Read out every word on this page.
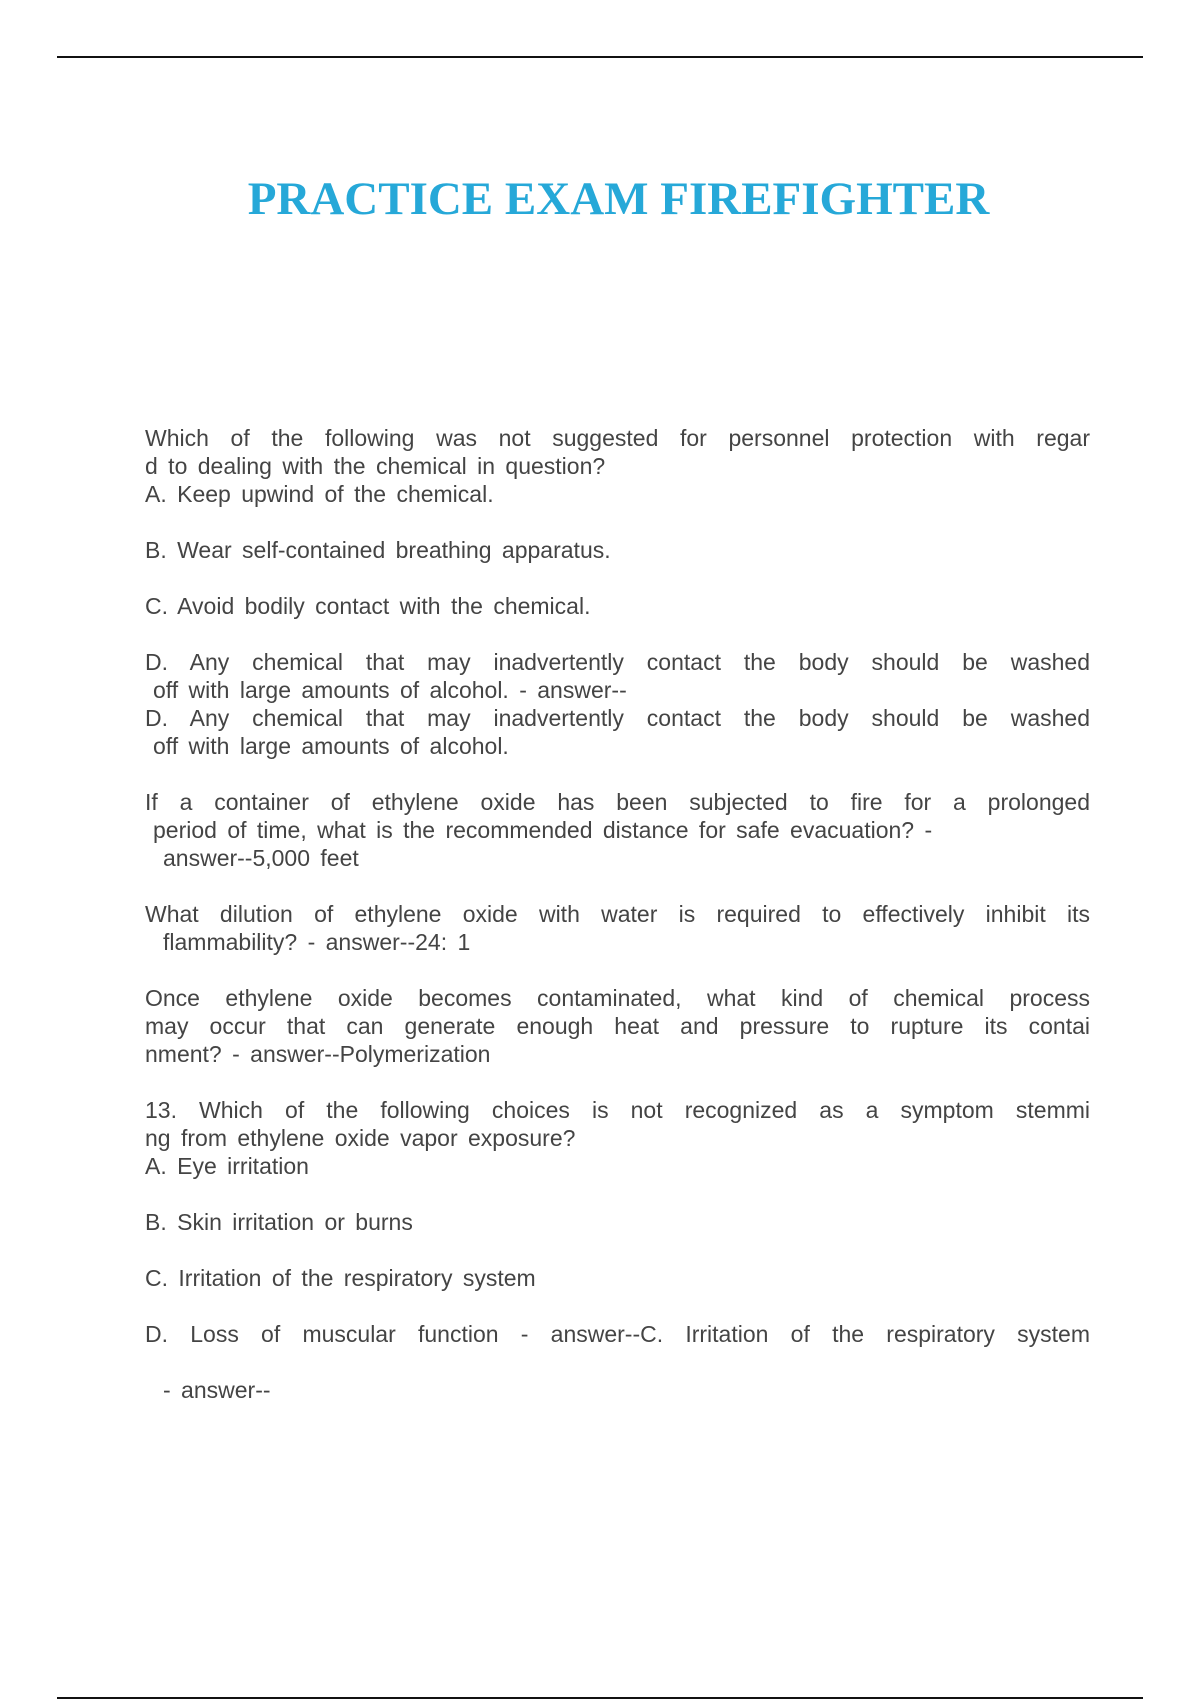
PRACTICE EXAM FIREFIGHTER
Which of the following was not suggested for personnel protection with regar
d to dealing with the chemical in question?
A. Keep upwind of the chemical.
B. Wear self-contained breathing apparatus.
C. Avoid bodily contact with the chemical.
D. Any chemical that may inadvertently contact the body should be washed
off with large amounts of alcohol. - answer--
D. Any chemical that may inadvertently contact the body should be washed
off with large amounts of alcohol.
If a container of ethylene oxide has been subjected to fire for a prolonged
period of time, what is the recommended distance for safe evacuation? -
answer--5,000 feet
What dilution of ethylene oxide with water is required to effectively inhibit its
flammability? - answer--24: 1
Once ethylene oxide becomes contaminated, what kind of chemical process
may occur that can generate enough heat and pressure to rupture its contai
nment? - answer--Polymerization
13. Which of the following choices is not recognized as a symptom stemmi
ng from ethylene oxide vapor exposure?
A. Eye irritation
B. Skin irritation or burns
C. Irritation of the respiratory system
D. Loss of muscular function - answer--C. Irritation of the respiratory system
- answer--
